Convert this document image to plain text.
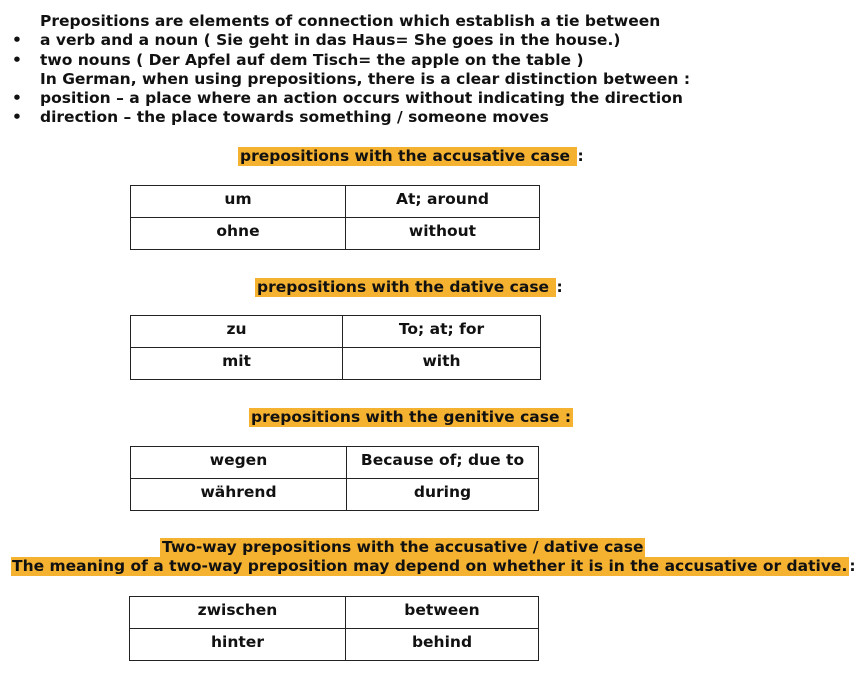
Prepositions are elements of connection which establish a tie between
• a verb and a noun ( Sie geht in das Haus= She goes in the house.)
• two nouns ( Der Apfel auf dem Tisch= the apple on the table )
In German, when using prepositions, there is a clear distinction between :
• position – a place where an action occurs without indicating the direction
• direction – the place towards something / someone moves
prepositions with the accusative case :
um	At; around
ohne	without
prepositions with the dative case :
zu	To; at; for
mit	with
prepositions with the genitive case :
wegen	Because of; due to
während	during
Two-way prepositions with the accusative / dative case
The meaning of a two-way preposition may depend on whether it is in the accusative or dative. :
zwischen	between
hinter	behind
